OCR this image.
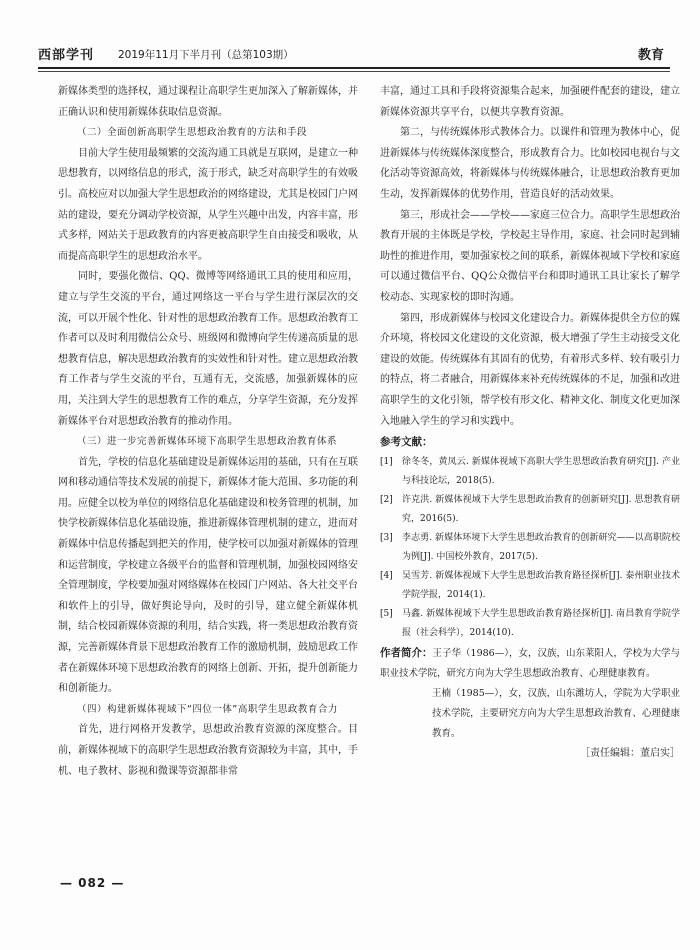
西部学刊 2019年11月下半月刊（总第103期）	教育

新媒体类型的选择权，通过课程让高职学生更加深入了解新媒体，并正确认识和使用新媒体获取信息资源。

（二）全面创新高职学生思想政治教育的方法和手段

目前大学生使用最频繁的交流沟通工具就是互联网，是建立一种思想教育，以网络信息的形式，流于形式，缺乏对高职学生的有效吸引。高校应对以加强大学生思想政治的网络建设，尤其是校园门户网站的建设，要充分调动学校资源，从学生兴趣中出发，内容丰富，形式多样，网站关于思政教育的内容更被高职学生自由接受和吸收，从而提高高职学生的思想政治水平。

同时，要强化微信、QQ、微博等网络通讯工具的使用和应用，建立与学生交流的平台，通过网络这一平台与学生进行深层次的交流，可以开展个性化、针对性的思想政治教育工作。思想政治教育工作者可以及时利用微信公众号、班级网和微博向学生传递高质量的思想教育信息，解决思想政治教育的实效性和针对性。建立思想政治教育工作者与学生交流的平台，互通有无，交流感，加强新媒体的应用，关注到大学生的思想教育工作的难点，分享学生资源，充分发挥新媒体平台对思想政治教育的推动作用。

（三）进一步完善新媒体环境下高职学生思想政治教育体系

首先，学校的信息化基础建设是新媒体运用的基础，只有在互联网和移动通信等技术发展的前提下，新媒体才能大范围、多功能的利用。应健全以校为单位的网络信息化基础建设和校务管理的机制，加快学校新媒体信息化基础设施，推进新媒体管理机制的建立，进而对新媒体中信息传播起到把关的作用，使学校可以加强对新媒体的管理和运营制度，学校建立各级平台的监督和管理机制，加强校园网络安全管理制度，学校要加强对网络媒体在校园门户网站、各大社交平台和软件上的引导，做好舆论导向，及时的引导，建立健全新媒体机制，结合校园新媒体资源的利用，结合实践，将一类思想政治教育资源，完善新媒体背景下思想政治教育工作的激励机制，鼓励思政工作者在新媒体环境下思想政治教育的网络上创新、开拓，提升创新能力和创新能力。

（四）构建新媒体视域下“四位一体”高职学生思政教育合力

首先，进行网格开发教学，思想政治教育资源的深度整合。目前，新媒体视域下的高职学生思想政治教育资源较为丰富，其中，手机、电子教材、影视和微课等资源都非常

丰富，通过工具和手段将资源集合起来，加强硬件配套的建设，建立新媒体资源共享平台，以便共享教育资源。

第二，与传统媒体形式教体合力。以课件和管理为教体中心，促进新媒体与传统媒体深度整合，形成教育合力。比如校园电视台与文化活动等资源高效，将新媒体与传统媒体融合，让思想政治教育更加生动，发挥新媒体的优势作用，营造良好的活动效果。

第三，形成社会——学校——家庭三位合力。高职学生思想政治教育开展的主体既是学校，学校起主导作用，家庭、社会同时起到辅助性的推进作用，要加强家校之间的联系，新媒体视域下学校和家庭可以通过微信平台、QQ公众微信平台和即时通讯工具让家长了解学校动态、实现家校的即时沟通。

第四，形成新媒体与校园文化建设合力。新媒体提供全方位的媒介环境，将校园文化建设的文化资源，极大增强了学生主动接受文化建设的效能。传统媒体有其固有的优势，有着形式多样、较有吸引力的特点，将二者融合，用新媒体来补充传统媒体的不足，加强和改进高职学生的文化引领，帮学校有形文化、精神文化、制度文化更加深入地融入学生的学习和实践中。

参考文献：

[1] 徐冬冬，黄凤云. 新媒体视域下高职大学生思想政治教育研究[J]. 产业与科技论坛，2018(5).

[2] 许克洪. 新媒体视域下大学生思想政治教育的创新研究[J]. 思想教育研究，2016(5).

[3] 李志勇. 新媒体环境下大学生思想政治教育的创新研究——以高职院校为例[J]. 中国校外教育，2017(5).

[4] 吴雪芳. 新媒体视域下大学生思想政治教育路径探析[J]. 泰州职业技术学院学报，2014(1).

[5] 马鑫. 新媒体视域下大学生思想政治教育路径探析[J]. 南昌教育学院学报（社会科学），2014(10).

作者简介：王子华（1986—），女，汉族，山东莱阳人，学校为大学与职业技术学院，研究方向为大学生思想政治教育、心理健康教育。

王楠（1985—），女，汉族，山东潍坊人，学院为大学职业技术学院，主要研究方向为大学生思想政治教育、心理健康教育。

［责任编辑：董启实］

— 082 —
